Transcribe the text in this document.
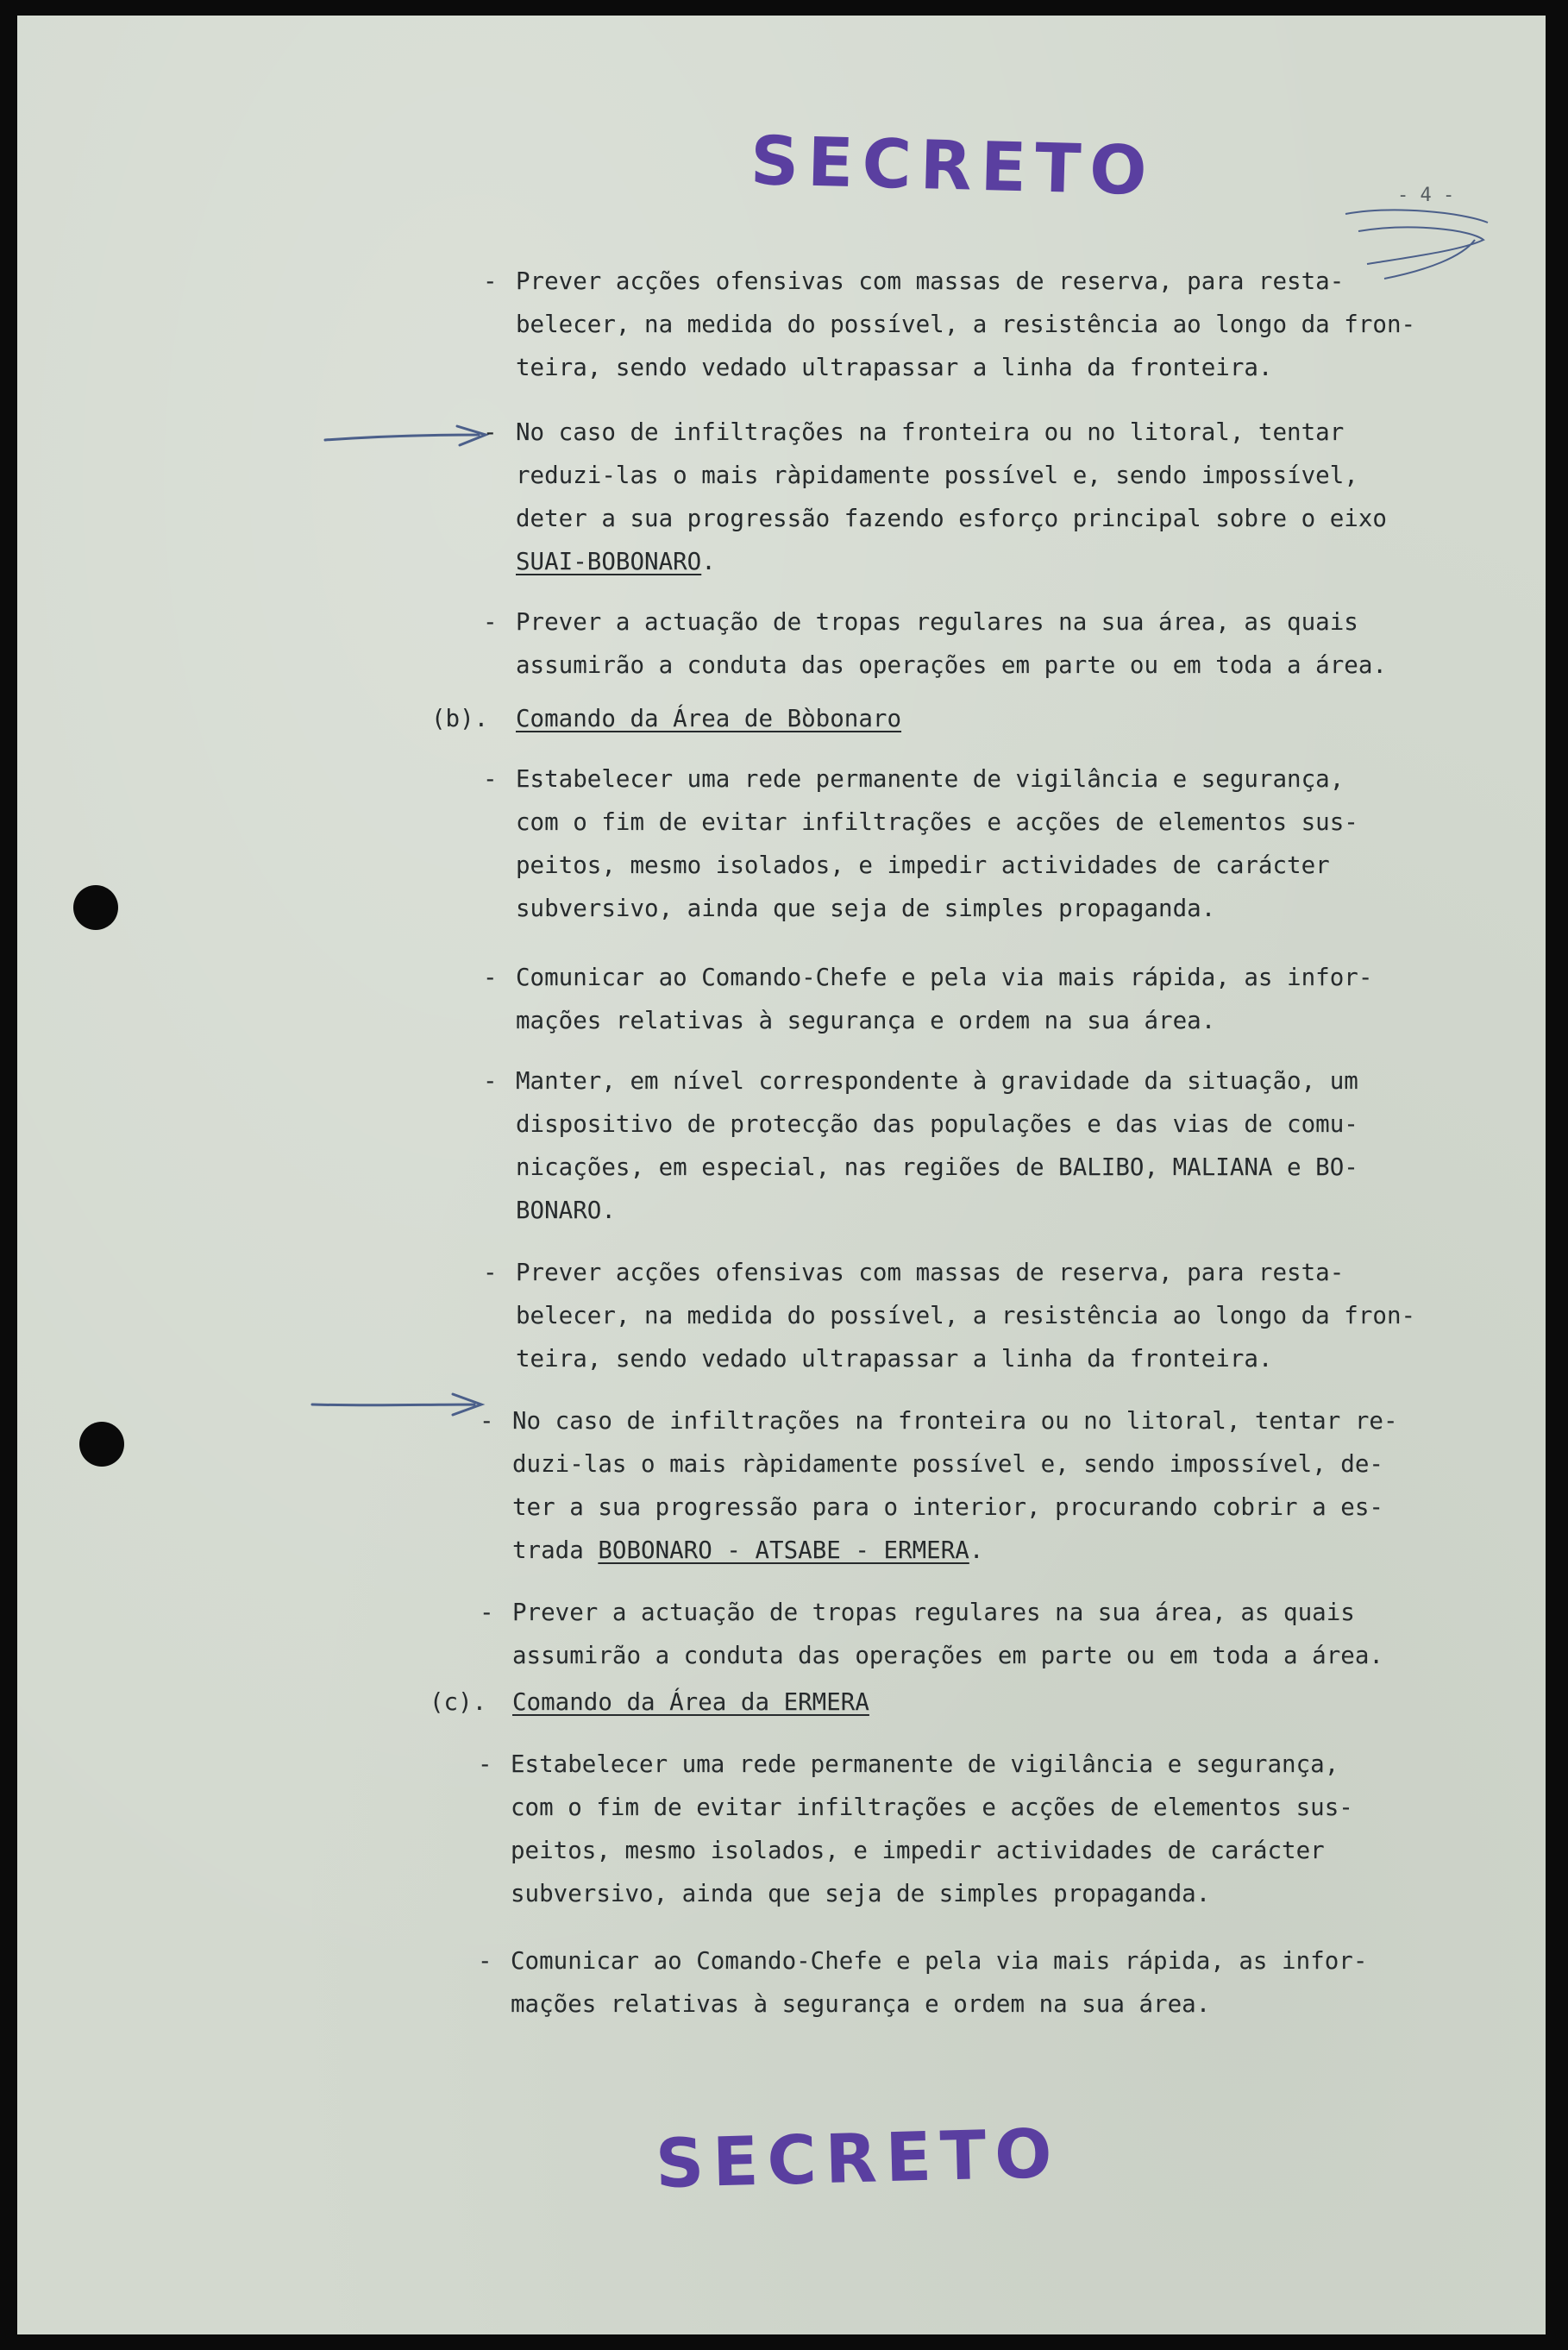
SECRETO	- 4 -
- Prever acções ofensivas com massas de reserva, para resta-
belecer, na medida do possível, a resistência ao longo da fron-
teira, sendo vedado ultrapassar a linha da fronteira.
- No caso de infiltrações na fronteira ou no litoral, tentar
reduzi-las o mais ràpidamente possível e, sendo impossível,
deter a sua progressão fazendo esforço principal sobre o eixo
SUAI-BOBONARO.
- Prever a actuação de tropas regulares na sua área, as quais
assumirão a conduta das operações em parte ou em toda a área.
(b). Comando da Área de Bòbonaro
- Estabelecer uma rede permanente de vigilância e segurança,
com o fim de evitar infiltrações e acções de elementos sus-
peitos, mesmo isolados, e impedir actividades de carácter
subversivo, ainda que seja de simples propaganda.
- Comunicar ao Comando-Chefe e pela via mais rápida, as infor-
mações relativas à segurança e ordem na sua área.
- Manter, em nível correspondente à gravidade da situação, um
dispositivo de protecção das populações e das vias de comu-
nicações, em especial, nas regiões de BALIBO, MALIANA e BO-
BONARO.
- Prever acções ofensivas com massas de reserva, para resta-
belecer, na medida do possível, a resistência ao longo da fron-
teira, sendo vedado ultrapassar a linha da fronteira.
- No caso de infiltrações na fronteira ou no litoral, tentar re-
duzi-las o mais ràpidamente possível e, sendo impossível, de-
ter a sua progressão para o interior, procurando cobrir a es-
trada BOBONARO - ATSABE - ERMERA.
- Prever a actuação de tropas regulares na sua área, as quais
assumirão a conduta das operações em parte ou em toda a área.
(c). Comando da Área da ERMERA
- Estabelecer uma rede permanente de vigilância e segurança,
com o fim de evitar infiltrações e acções de elementos sus-
peitos, mesmo isolados, e impedir actividades de carácter
subversivo, ainda que seja de simples propaganda.
- Comunicar ao Comando-Chefe e pela via mais rápida, as infor-
mações relativas à segurança e ordem na sua área.
SECRETO
